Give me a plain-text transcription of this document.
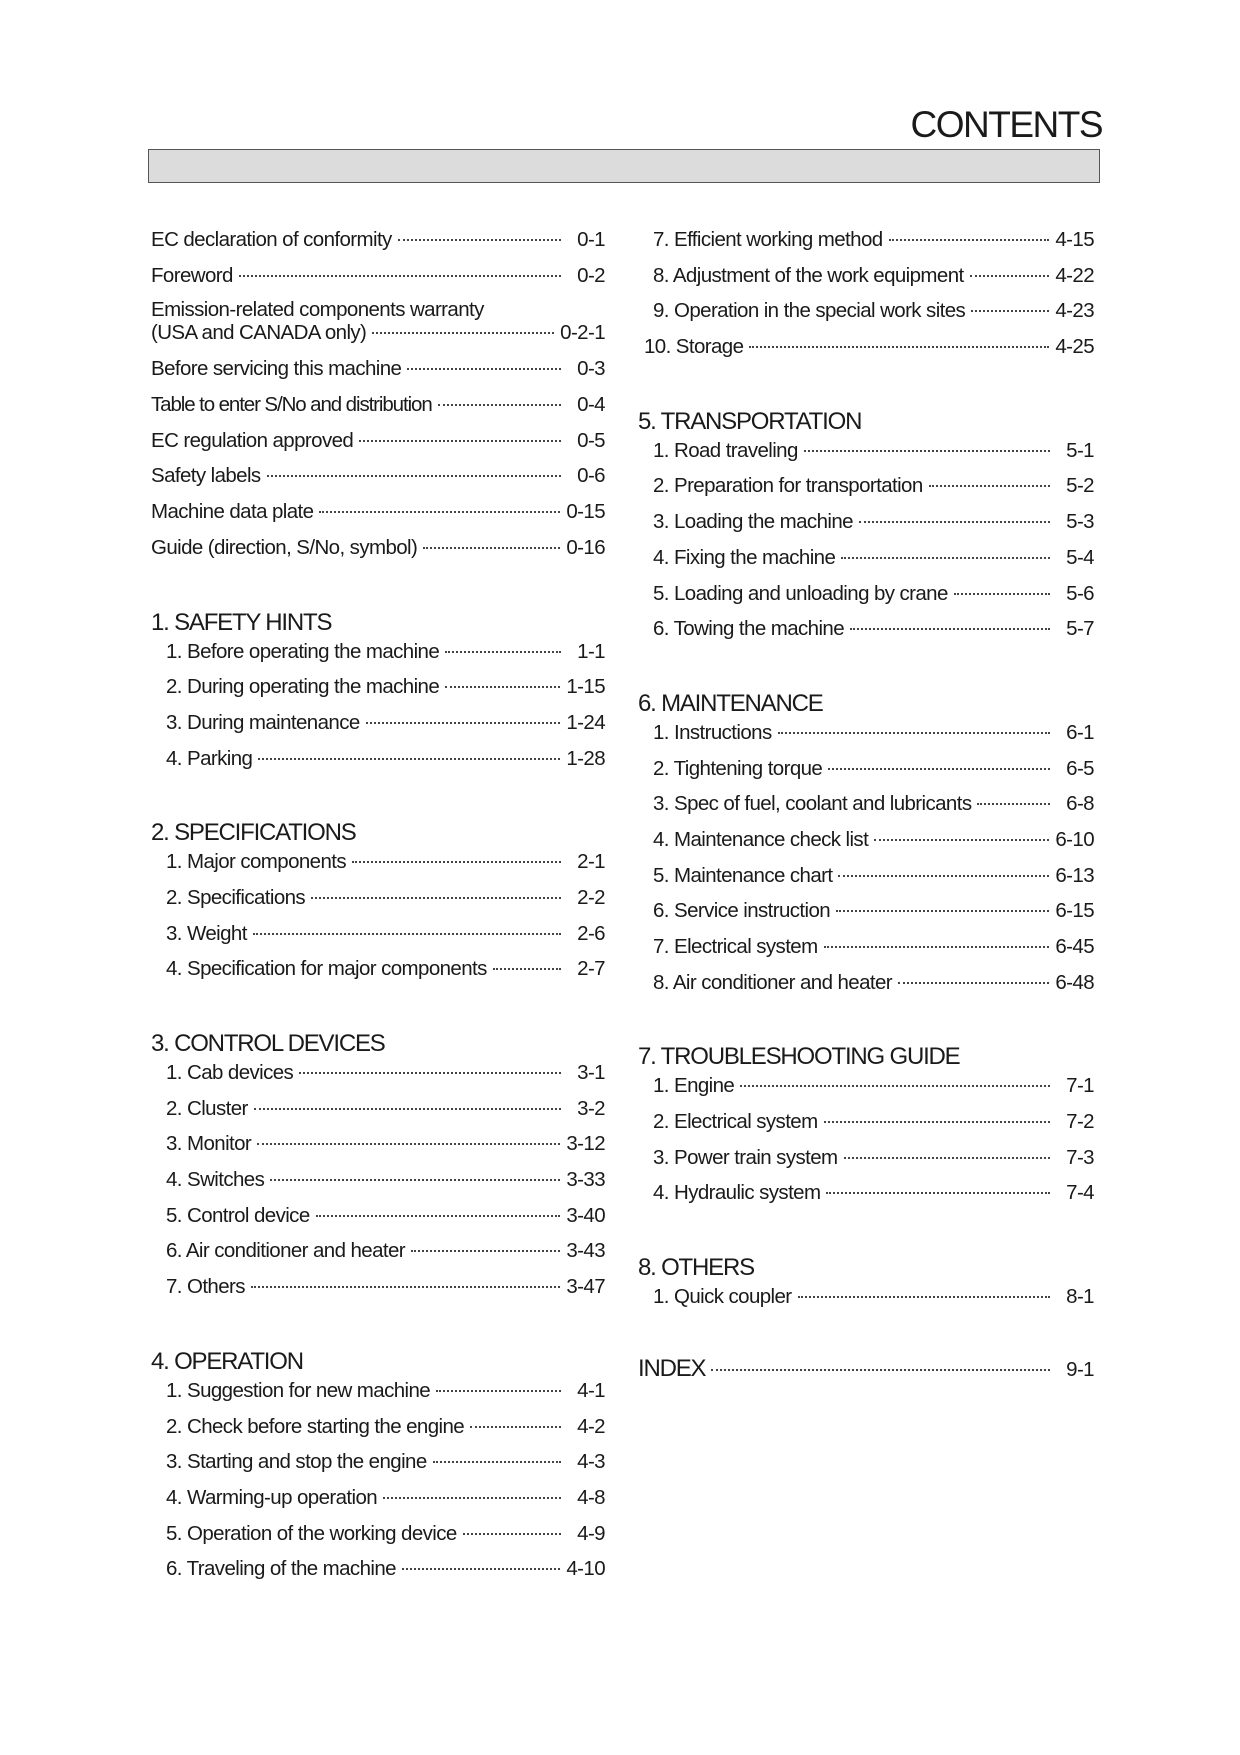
CONTENTS
EC declaration of conformity	0-1
Foreword	0-2
Emission-related components warranty
(USA and CANADA only)	0-2-1
Before servicing this machine	0-3
Table to enter S/No and distribution	0-4
EC regulation approved	0-5
Safety labels	0-6
Machine data plate	0-15
Guide (direction, S/No, symbol)	0-16
1. SAFETY HINTS
1. Before operating the machine	1-1
2. During operating the machine	1-15
3. During maintenance	1-24
4. Parking	1-28
2. SPECIFICATIONS
1. Major components	2-1
2. Specifications	2-2
3. Weight	2-6
4. Specification for major components	2-7
3. CONTROL DEVICES
1. Cab devices	3-1
2. Cluster	3-2
3. Monitor	3-12
4. Switches	3-33
5. Control device	3-40
6. Air conditioner and heater	3-43
7. Others	3-47
4. OPERATION
1. Suggestion for new machine	4-1
2. Check before starting the engine	4-2
3. Starting and stop the engine	4-3
4. Warming-up operation	4-8
5. Operation of the working device	4-9
6. Traveling of the machine	4-10
7. Efficient working method	4-15
8. Adjustment of the work equipment	4-22
9. Operation in the special work sites	4-23
10. Storage	4-25
5. TRANSPORTATION
1. Road traveling	5-1
2. Preparation for transportation	5-2
3. Loading the machine	5-3
4. Fixing the machine	5-4
5. Loading and unloading by crane	5-6
6. Towing the machine	5-7
6. MAINTENANCE
1. Instructions	6-1
2. Tightening torque	6-5
3. Spec of fuel, coolant and lubricants	6-8
4. Maintenance check list	6-10
5. Maintenance chart	6-13
6. Service instruction	6-15
7. Electrical system	6-45
8. Air conditioner and heater	6-48
7. TROUBLESHOOTING GUIDE
1. Engine	7-1
2. Electrical system	7-2
3. Power train system	7-3
4. Hydraulic system	7-4
8. OTHERS
1. Quick coupler	8-1
INDEX	9-1
